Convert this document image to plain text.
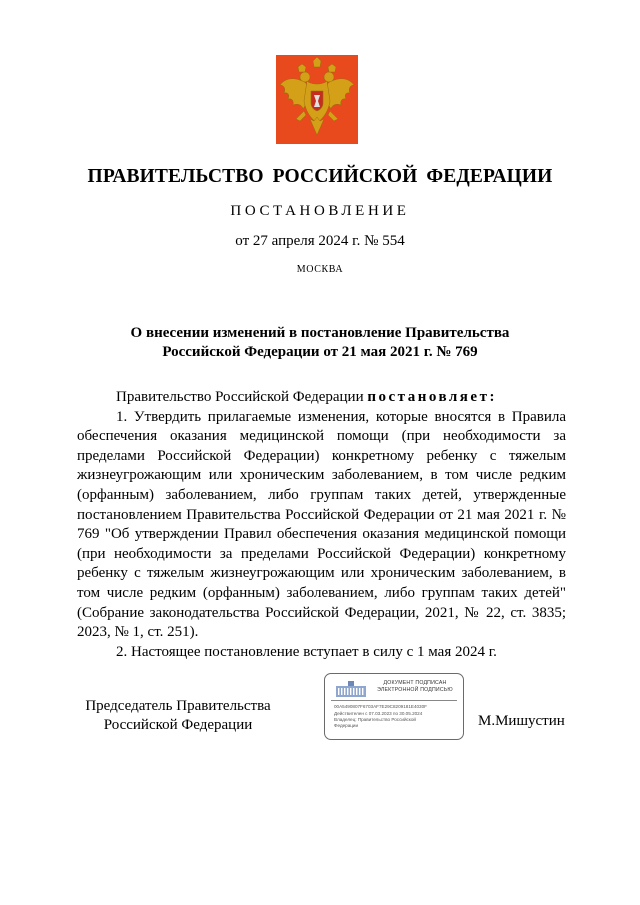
ПРАВИТЕЛЬСТВО РОССИЙСКОЙ ФЕДЕРАЦИИ
ПОСТАНОВЛЕНИЕ
от 27 апреля 2024 г. № 554
МОСКВА
О внесении изменений в постановление Правительства
Российской Федерации от 21 мая 2021 г. № 769

Правительство Российской Федерации постановляет:

1. Утвердить прилагаемые изменения, которые вносятся в Правила обеспечения оказания медицинской помощи (при необходимости за пределами Российской Федерации) конкретному ребенку с тяжелым жизнеугрожающим или хроническим заболеванием, в том числе редким (орфанным) заболеванием, либо группам таких детей, утвержденные постановлением Правительства Российской Федерации от 21 мая 2021 г. № 769 "Об утверждении Правил обеспечения оказания медицинской помощи (при необходимости за пределами Российской Федерации) конкретному ребенку с тяжелым жизнеугрожающим или хроническим заболеванием, в том числе редким (орфанным) заболеванием, либо группам таких детей" (Собрание законодательства Российской Федерации, 2021, № 22, ст. 3835; 2023, № 1, ст. 251).

2. Настоящее постановление вступает в силу с 1 мая 2024 г.

Председатель Правительства
Российской Федерации
ДОКУМЕНТ ПОДПИСАН
ЭЛЕКТРОННОЙ ПОДПИСЬЮ
00A5490807F6703AF7E29C8209181E4030F
Действителен с 07.03.2023 по 30.05.2024
Владелец: Правительство Российской
Федерации	М.Мишустин
